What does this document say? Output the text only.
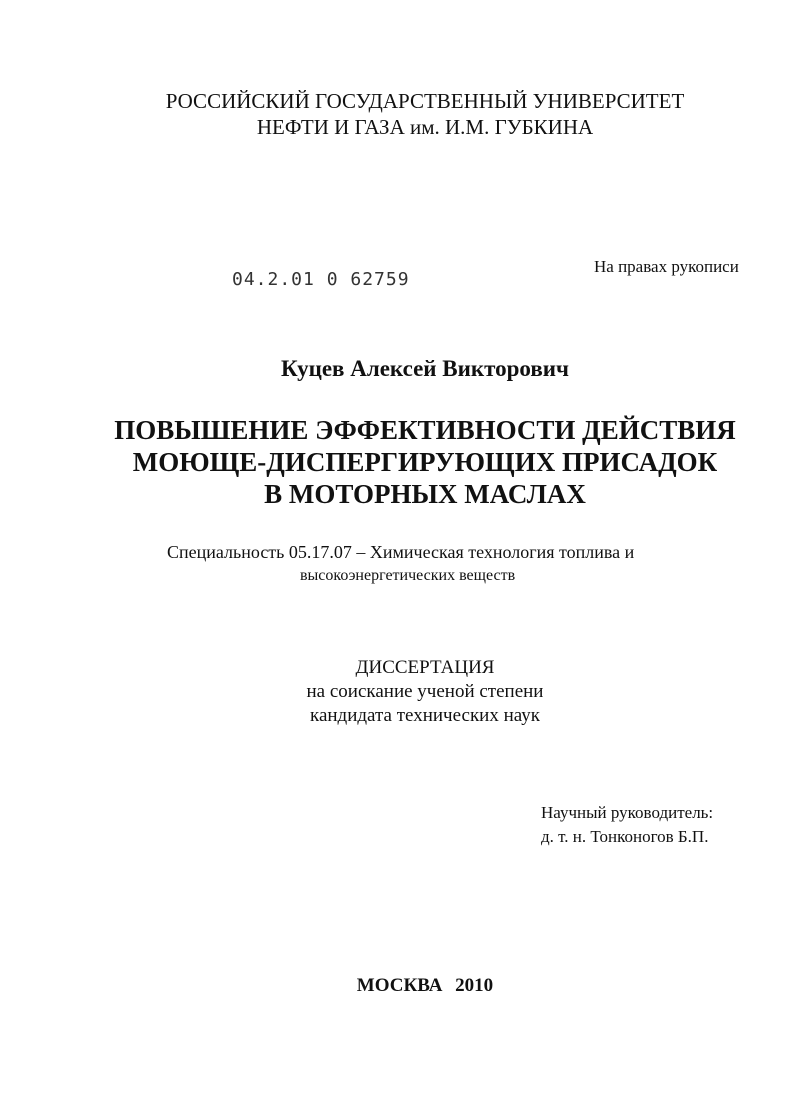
РОССИЙСКИЙ ГОСУДАРСТВЕННЫЙ УНИВЕРСИТЕТ
НЕФТИ И ГАЗА им. И.М. ГУБКИНА
04.2.01 0 62759
На правах рукописи
Куцев Алексей Викторович
ПОВЫШЕНИЕ ЭФФЕКТИВНОСТИ ДЕЙСТВИЯ
МОЮЩЕ-ДИСПЕРГИРУЮЩИХ ПРИСАДОК
В МОТОРНЫХ МАСЛАХ
Специальность 05.17.07 – Химическая технология топлива и
высокоэнергетических веществ
ДИССЕРТАЦИЯ
на соискание ученой степени
кандидата технических наук
Научный руководитель:
д. т. н. Тонконогов Б.П.
МОСКВА 2010
